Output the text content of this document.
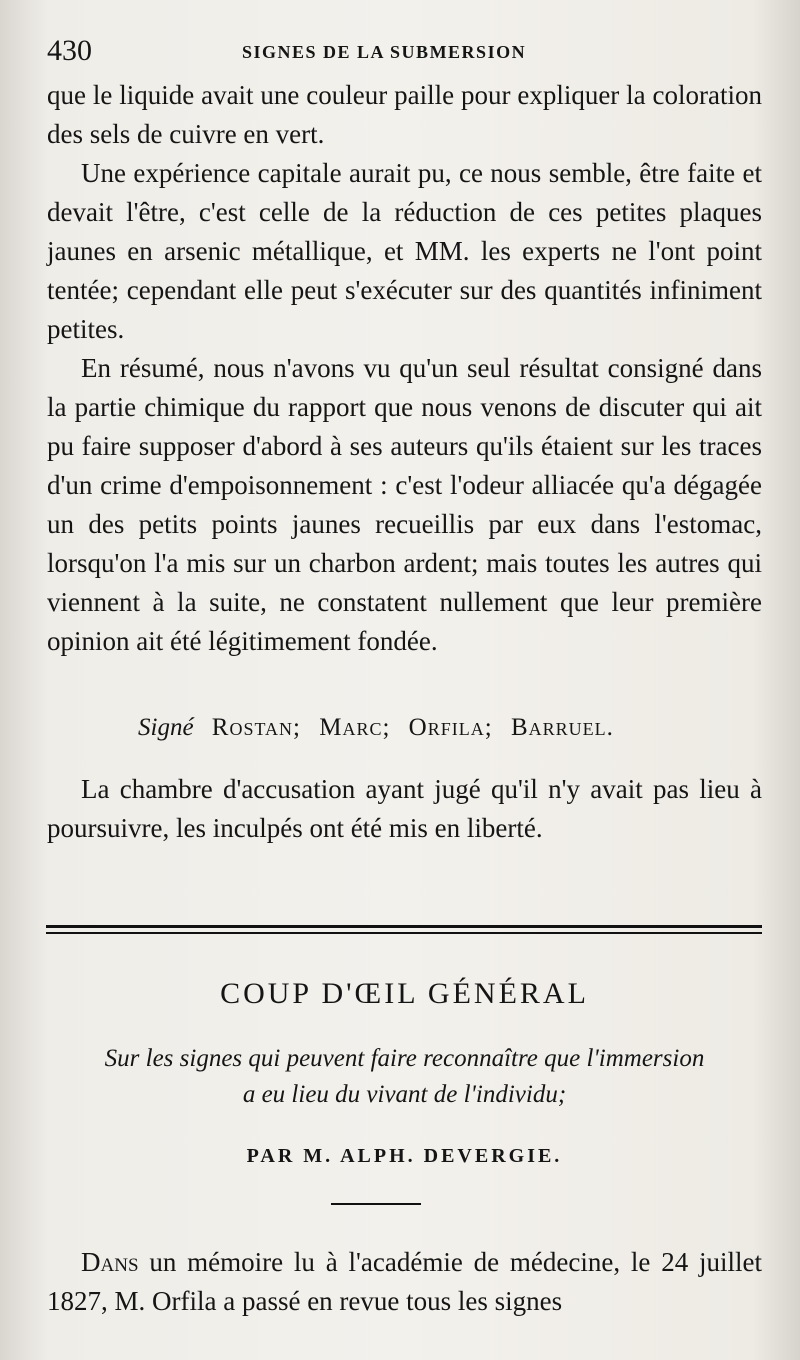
430	SIGNES DE LA SUBMERSION

que le liquide avait une couleur paille pour expliquer la coloration des sels de cuivre en vert.

Une expérience capitale aurait pu, ce nous semble, être faite et devait l'être, c'est celle de la réduction de ces petites plaques jaunes en arsenic métallique, et MM. les experts ne l'ont point tentée; cependant elle peut s'exécuter sur des quantités infiniment petites.

En résumé, nous n'avons vu qu'un seul résultat consigné dans la partie chimique du rapport que nous venons de discuter qui ait pu faire supposer d'abord à ses auteurs qu'ils étaient sur les traces d'un crime d'empoisonnement : c'est l'odeur alliacée qu'a dégagée un des petits points jaunes recueillis par eux dans l'estomac, lorsqu'on l'a mis sur un charbon ardent; mais toutes les autres qui viennent à la suite, ne constatent nullement que leur première opinion ait été légitimement fondée.

Signé Rostan; Marc; Orfila; Barruel.

La chambre d'accusation ayant jugé qu'il n'y avait pas lieu à poursuivre, les inculpés ont été mis en liberté.

COUP D'ŒIL GÉNÉRAL
Sur les signes qui peuvent faire reconnaître que l'immersion
a eu lieu du vivant de l'individu;
PAR M. ALPH. DEVERGIE.

Dans un mémoire lu à l'académie de médecine, le 24 juillet 1827, M. Orfila a passé en revue tous les signes
